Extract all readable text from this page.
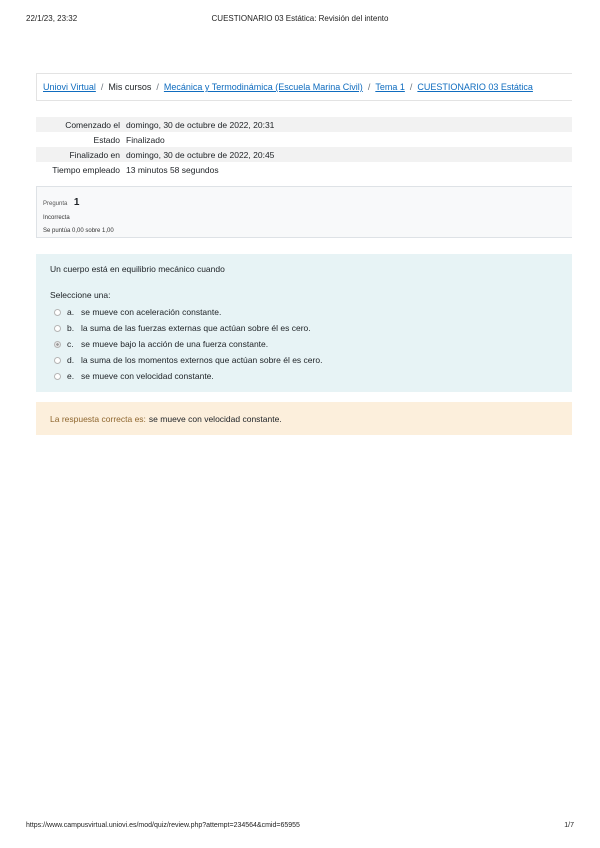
22/1/23, 23:32	CUESTIONARIO 03 Estática: Revisión del intento
Uniovi Virtual / Mis cursos / Mecánica y Termodinámica (Escuela Marina Civil) / Tema 1 / CUESTIONARIO 03 Estática
Comenzado el domingo, 30 de octubre de 2022, 20:31
Estado Finalizado
Finalizado en domingo, 30 de octubre de 2022, 20:45
Tiempo empleado 13 minutos 58 segundos
Pregunta 1
Incorrecta
Se puntúa 0,00 sobre 1,00
Un cuerpo está en equilibrio mecánico cuando
Seleccione una:
a. se mueve con aceleración constante.
b. la suma de las fuerzas externas que actúan sobre él es cero.
c. se mueve bajo la acción de una fuerza constante.
d. la suma de los momentos externos que actúan sobre él es cero.
e. se mueve con velocidad constante.
La respuesta correcta es: se mueve con velocidad constante.
https://www.campusvirtual.uniovi.es/mod/quiz/review.php?attempt=234564&cmid=65955	1/7
